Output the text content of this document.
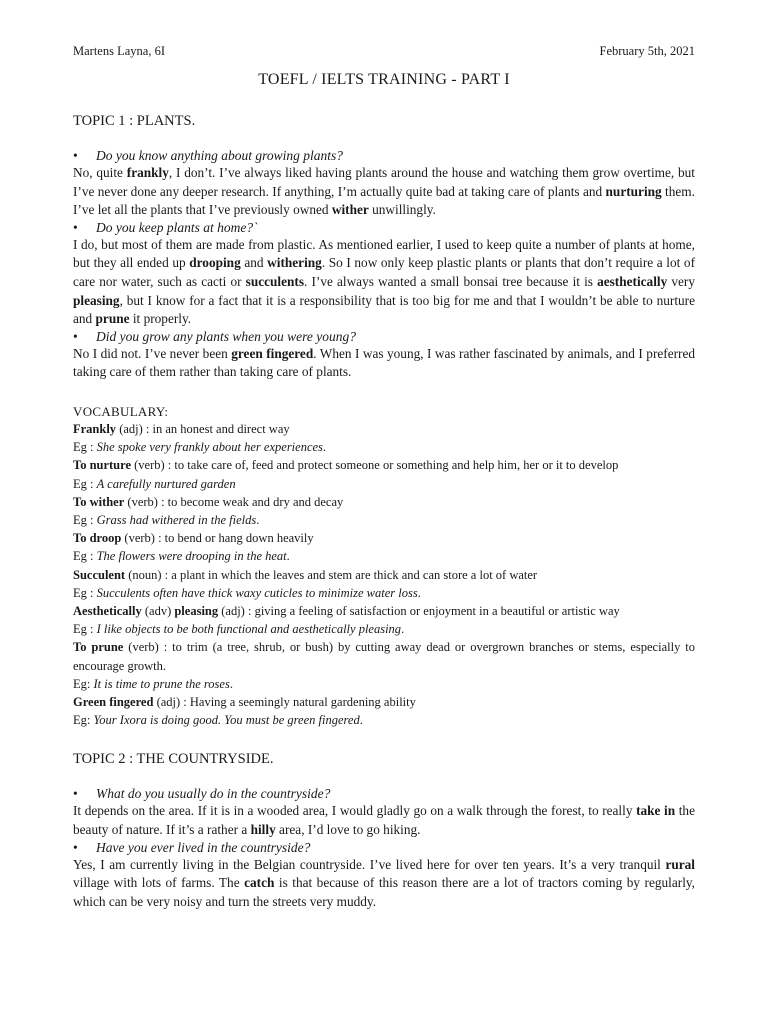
Martens Layna, 6I	February 5th, 2021
TOEFL / IELTS TRAINING - PART I

TOPIC 1 : PLANTS.

•	Do you know anything about growing plants?

No, quite frankly, I don’t. I’ve always liked having plants around the house and watching them grow overtime, but I’ve never done any deeper research. If anything, I’m actually quite bad at taking care of plants and nurturing them. I’ve let all the plants that I’ve previously owned wither unwillingly.

•	Do you keep plants at home?`

I do, but most of them are made from plastic. As mentioned earlier, I used to keep quite a number of plants at home, but they all ended up drooping and withering. So I now only keep plastic plants or plants that don’t require a lot of care nor water, such as cacti or succulents. I’ve always wanted a small bonsai tree because it is aesthetically very pleasing, but I know for a fact that it is a responsibility that is too big for me and that I wouldn’t be able to nurture and prune it properly.

•	Did you grow any plants when you were young?

No I did not. I’ve never been green fingered. When I was young, I was rather fascinated by animals, and I preferred taking care of them rather than taking care of plants.

VOCABULARY:

Frankly (adj) : in an honest and direct way

Eg : She spoke very frankly about her experiences.

To nurture (verb) : to take care of, feed and protect someone or something and help him, her or it to develop

Eg : A carefully nurtured garden

To wither (verb) : to become weak and dry and decay

Eg : Grass had withered in the fields.

To droop (verb) : to bend or hang down heavily

Eg : The flowers were drooping in the heat.

Succulent (noun) : a plant in which the leaves and stem are thick and can store a lot of water

Eg : Succulents often have thick waxy cuticles to minimize water loss.

Aesthetically (adv) pleasing (adj) : giving a feeling of satisfaction or enjoyment in a beautiful or artistic way

Eg : I like objects to be both functional and aesthetically pleasing.

To prune (verb) : to trim (a tree, shrub, or bush) by cutting away dead or overgrown branches or stems, especially to encourage growth.

Eg: It is time to prune the roses.

Green fingered (adj) : Having a seemingly natural gardening ability

Eg: Your Ixora is doing good. You must be green fingered.

TOPIC 2 : THE COUNTRYSIDE.

•	What do you usually do in the countryside?

It depends on the area. If it is in a wooded area, I would gladly go on a walk through the forest, to really take in the beauty of nature. If it’s a rather a hilly area, I’d love to go hiking.

•	Have you ever lived in the countryside?

Yes, I am currently living in the Belgian countryside. I’ve lived here for over ten years. It’s a very tranquil rural village with lots of farms. The catch is that because of this reason there are a lot of tractors coming by regularly, which can be very noisy and turn the streets very muddy.
